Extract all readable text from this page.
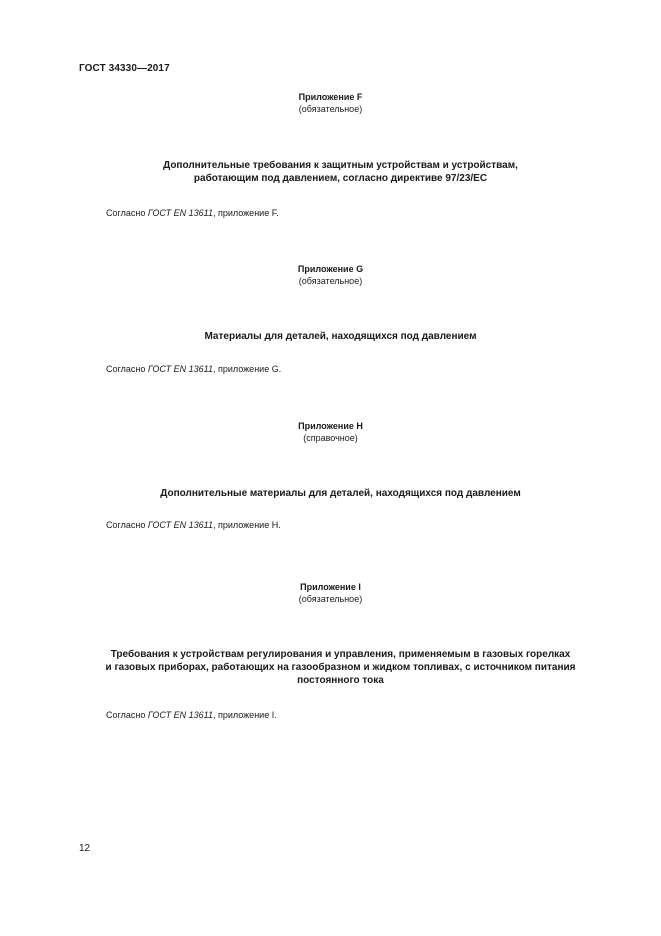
ГОСТ 34330—2017
Приложение F
(обязательное)
Дополнительные требования к защитным устройствам и устройствам,
работающим под давлением, согласно директиве 97/23/ЕС
Согласно ГОСТ EN 13611, приложение F.
Приложение G
(обязательное)
Материалы для деталей, находящихся под давлением
Согласно ГОСТ EN 13611, приложение G.
Приложение H
(справочное)
Дополнительные материалы для деталей, находящихся под давлением
Согласно ГОСТ EN 13611, приложение H.
Приложение I
(обязательное)
Требования к устройствам регулирования и управления, применяемым в газовых горелках
и газовых приборах, работающих на газообразном и жидком топливах, с источником питания
постоянного тока
Согласно ГОСТ EN 13611, приложение I.
12
